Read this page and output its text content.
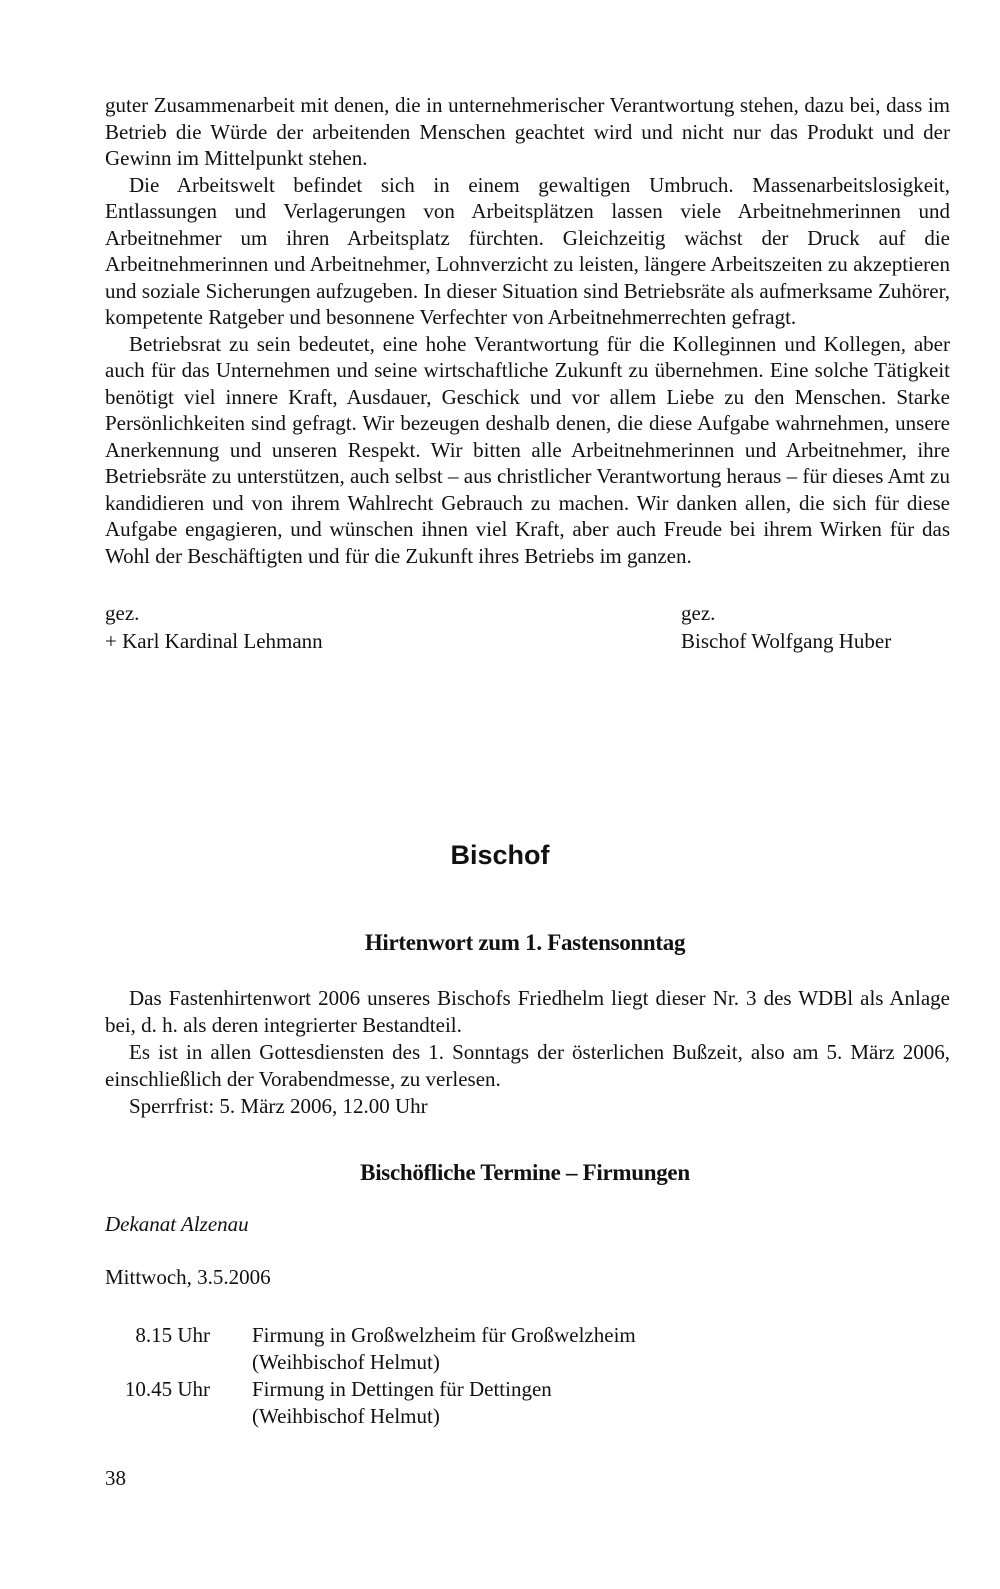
guter Zusammenarbeit mit denen, die in unternehmerischer Verantwortung stehen, dazu bei, dass im Betrieb die Würde der arbeitenden Menschen geachtet wird und nicht nur das Produkt und der Gewinn im Mittelpunkt stehen.

Die Arbeitswelt befindet sich in einem gewaltigen Umbruch. Massenarbeitslosigkeit, Entlassungen und Verlagerungen von Arbeitsplätzen lassen viele Arbeitnehmerinnen und Arbeitnehmer um ihren Arbeitsplatz fürchten. Gleichzeitig wächst der Druck auf die Arbeitnehmerinnen und Arbeitnehmer, Lohnverzicht zu leisten, längere Arbeitszeiten zu akzeptieren und soziale Sicherungen aufzugeben. In dieser Situation sind Betriebsräte als aufmerksame Zuhörer, kompetente Ratgeber und besonnene Verfechter von Arbeitnehmerrechten gefragt.

Betriebsrat zu sein bedeutet, eine hohe Verantwortung für die Kolleginnen und Kollegen, aber auch für das Unternehmen und seine wirtschaftliche Zukunft zu übernehmen. Eine solche Tätigkeit benötigt viel innere Kraft, Ausdauer, Geschick und vor allem Liebe zu den Menschen. Starke Persönlichkeiten sind gefragt. Wir bezeugen deshalb denen, die diese Aufgabe wahrnehmen, unsere Anerkennung und unseren Respekt. Wir bitten alle Arbeitnehmerinnen und Arbeitnehmer, ihre Betriebsräte zu unterstützen, auch selbst – aus christlicher Verantwortung heraus – für dieses Amt zu kandidieren und von ihrem Wahlrecht Gebrauch zu machen. Wir danken allen, die sich für diese Aufgabe engagieren, und wünschen ihnen viel Kraft, aber auch Freude bei ihrem Wirken für das Wohl der Beschäftigten und für die Zukunft ihres Betriebs im ganzen.

gez.
+ Karl Kardinal Lehmann
gez.
Bischof Wolfgang Huber
Bischof
Hirtenwort zum 1. Fastensonntag

Das Fastenhirtenwort 2006 unseres Bischofs Friedhelm liegt dieser Nr. 3 des WDBl als Anlage bei, d. h. als deren integrierter Bestandteil.

Es ist in allen Gottesdiensten des 1. Sonntags der österlichen Bußzeit, also am 5. März 2006, einschließlich der Vorabendmesse, zu verlesen.

Sperrfrist: 5. März 2006, 12.00 Uhr

Bischöfliche Termine – Firmungen
Dekanat Alzenau
Mittwoch, 3.5.2006
8.15 Uhr Firmung in Großwelzheim für Großwelzheim
(Weihbischof Helmut)
10.45 Uhr Firmung in Dettingen für Dettingen
(Weihbischof Helmut)
38
